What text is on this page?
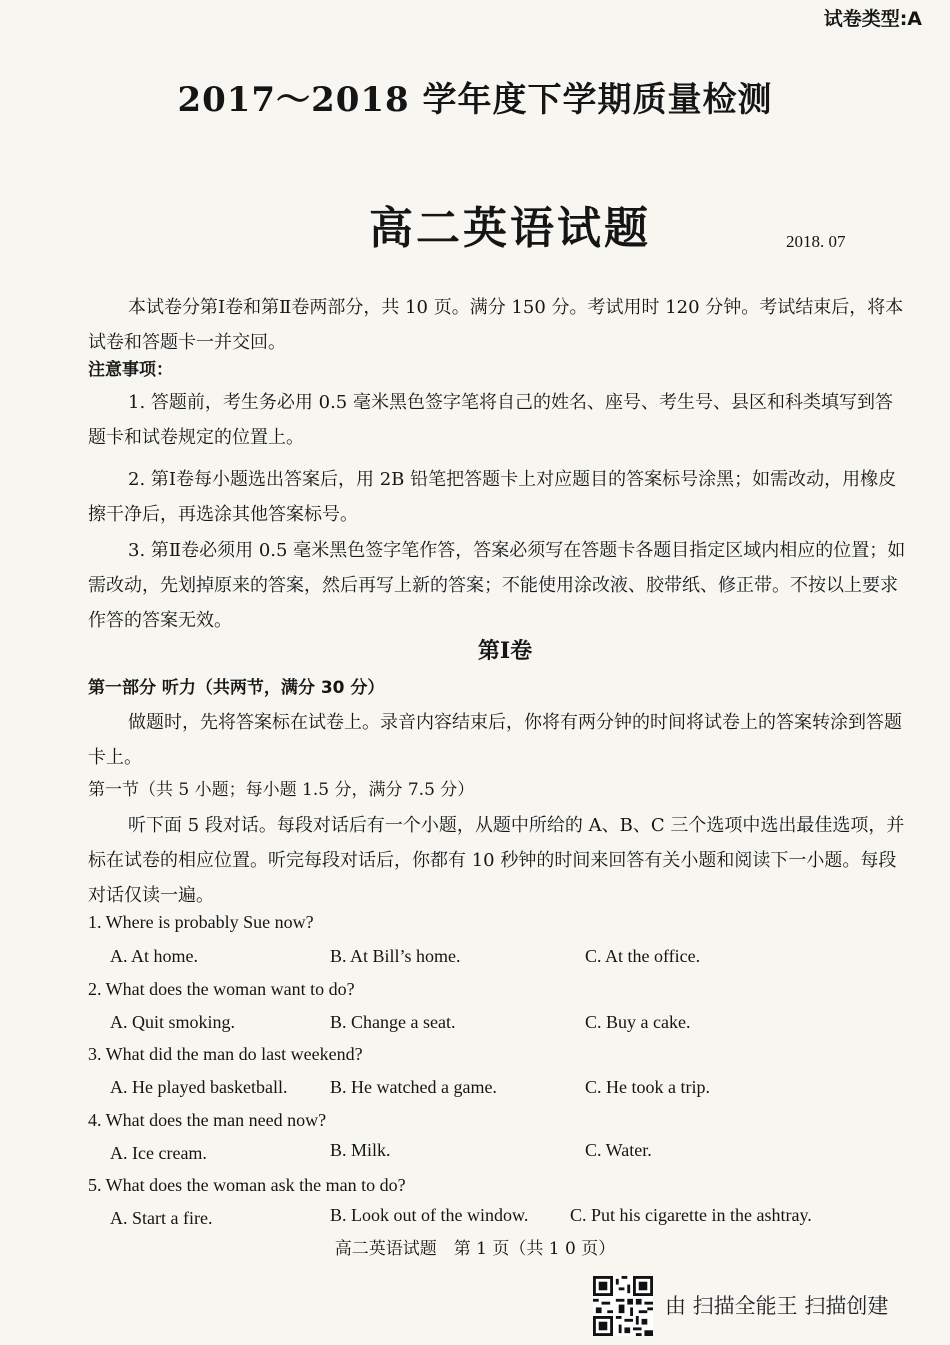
试卷类型:A
2017～2018 学年度下学期质量检测
高二英语试题	2018. 07
本试卷分第Ⅰ卷和第Ⅱ卷两部分，共 10 页。满分 150 分。考试用时 120 分钟。考试结束后，将本试卷和答题卡一并交回。
注意事项：
1. 答题前，考生务必用 0.5 毫米黑色签字笔将自己的姓名、座号、考生号、县区和科类填写到答题卡和试卷规定的位置上。
2. 第Ⅰ卷每小题选出答案后，用 2B 铅笔把答题卡上对应题目的答案标号涂黑；如需改动，用橡皮擦干净后，再选涂其他答案标号。
3. 第Ⅱ卷必须用 0.5 毫米黑色签字笔作答，答案必须写在答题卡各题目指定区域内相应的位置；如需改动，先划掉原来的答案，然后再写上新的答案；不能使用涂改液、胶带纸、修正带。不按以上要求作答的答案无效。
第Ⅰ卷
第一部分 听力（共两节，满分 30 分）
做题时，先将答案标在试卷上。录音内容结束后，你将有两分钟的时间将试卷上的答案转涂到答题卡上。
第一节（共 5 小题；每小题 1.5 分，满分 7.5 分）
听下面 5 段对话。每段对话后有一个小题，从题中所给的 A、B、C 三个选项中选出最佳选项，并标在试卷的相应位置。听完每段对话后，你都有 10 秒钟的时间来回答有关小题和阅读下一小题。每段对话仅读一遍。
1. Where is probably Sue now?
A. At home.	B. At Bill’s home.	C. At the office.
2. What does the woman want to do?
A. Quit smoking.	B. Change a seat.	C. Buy a cake.
3. What did the man do last weekend?
A. He played basketball. B. He watched a game.	C. He took a trip.
4. What does the man need now?
A. Ice cream.	B. Milk.	C. Water.
5. What does the woman ask the man to do?
A. Start a fire.	B. Look out of the window. C. Put his cigarette in the ashtray.
高二英语试题　第 1 页（共 1 0 页）
由 扫描全能王 扫描创建
